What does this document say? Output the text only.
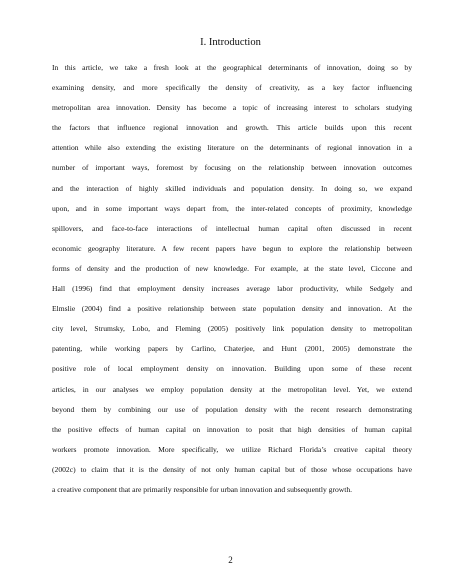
I. Introduction
In this article, we take a fresh look at the geographical determinants of innovation, doing so by
examining density, and more specifically the density of creativity, as a key factor influencing
metropolitan area innovation. Density has become a topic of increasing interest to scholars studying
the factors that influence regional innovation and growth. This article builds upon this recent
attention while also extending the existing literature on the determinants of regional innovation in a
number of important ways, foremost by focusing on the relationship between innovation outcomes
and the interaction of highly skilled individuals and population density. In doing so, we expand
upon, and in some important ways depart from, the inter-related concepts of proximity, knowledge
spillovers, and face-to-face interactions of intellectual human capital often discussed in recent
economic geography literature. A few recent papers have begun to explore the relationship between
forms of density and the production of new knowledge. For example, at the state level, Ciccone and
Hall (1996) find that employment density increases average labor productivity, while Sedgely and
Elmslie (2004) find a positive relationship between state population density and innovation. At the
city level, Strumsky, Lobo, and Fleming (2005) positively link population density to metropolitan
patenting, while working papers by Carlino, Chaterjee, and Hunt (2001, 2005) demonstrate the
positive role of local employment density on innovation. Building upon some of these recent
articles, in our analyses we employ population density at the metropolitan level. Yet, we extend
beyond them by combining our use of population density with the recent research demonstrating
the positive effects of human capital on innovation to posit that high densities of human capital
workers promote innovation. More specifically, we utilize Richard Florida’s creative capital theory
(2002c) to claim that it is the density of not only human capital but of those whose occupations have
a creative component that are primarily responsible for urban innovation and subsequently growth.
2
